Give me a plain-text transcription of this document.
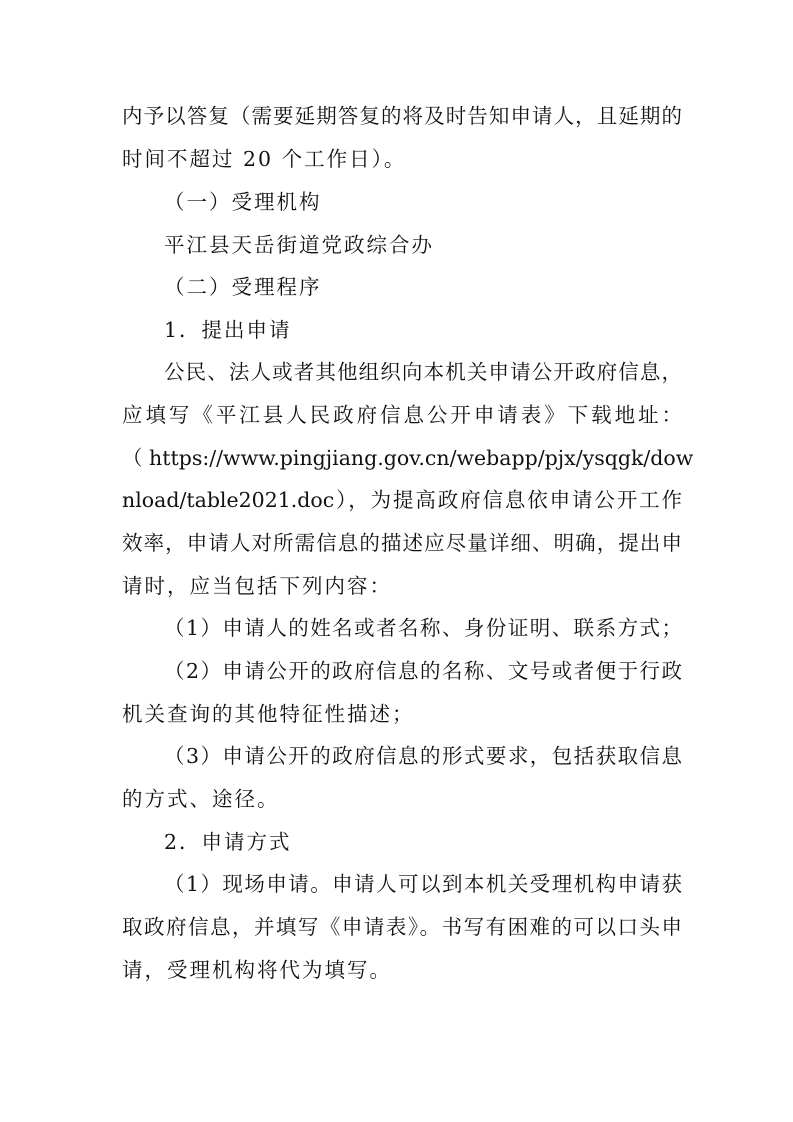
内予以答复（需要延期答复的将及时告知申请人，且延期的
时间不超过 20 个工作日）。
（一）受理机构
平江县天岳街道党政综合办
（二）受理程序
1．提出申请
公民、法人或者其他组织向本机关申请公开政府信息，
应填写《平江县人民政府信息公开申请表》下载地址：
（ https://www.pingjiang.gov.cn/webapp/pjx/ysqgk/dow
nload/table2021.doc），为提高政府信息依申请公开工作
效率，申请人对所需信息的描述应尽量详细、明确，提出申
请时，应当包括下列内容：
（1）申请人的姓名或者名称、身份证明、联系方式；
（2）申请公开的政府信息的名称、文号或者便于行政
机关查询的其他特征性描述；
（3）申请公开的政府信息的形式要求，包括获取信息
的方式、途径。
2．申请方式
（1）现场申请。申请人可以到本机关受理机构申请获
取政府信息，并填写《申请表》。书写有困难的可以口头申
请，受理机构将代为填写。
